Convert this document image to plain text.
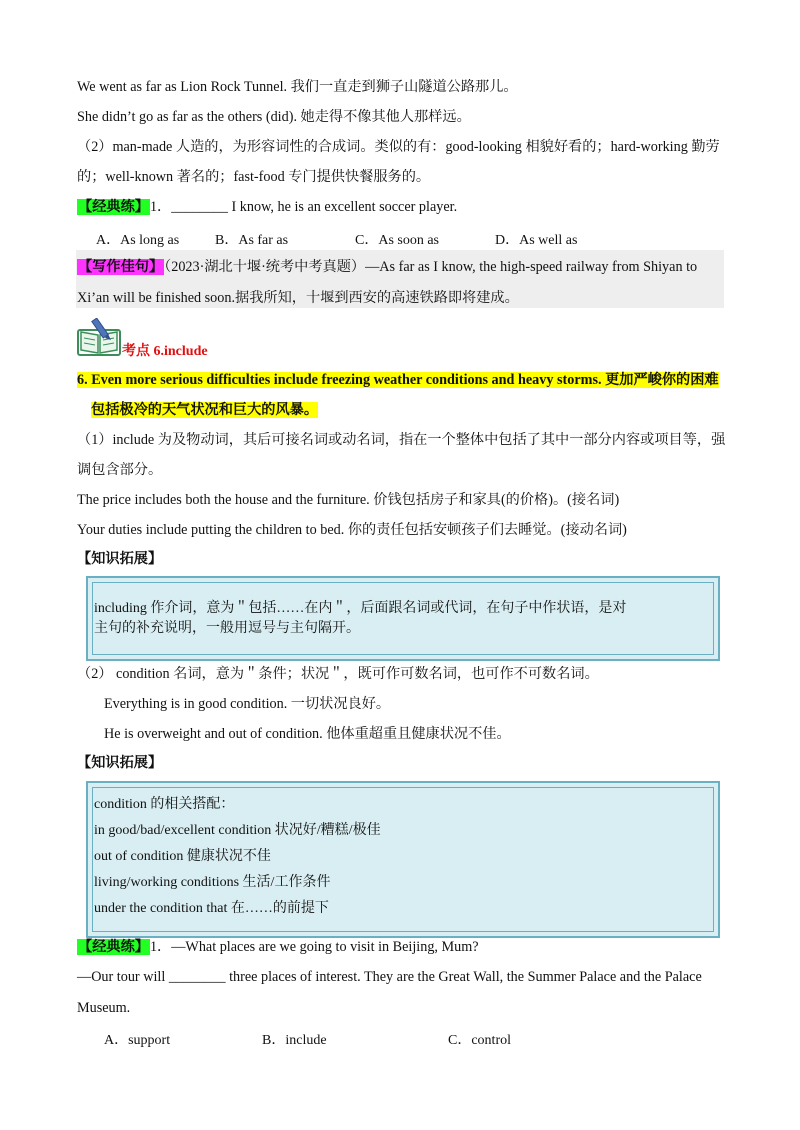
We went as far as Lion Rock Tunnel. 我们一直走到狮子山隧道公路那儿。
She didn’t go as far as the others (did). 她走得不像其他人那样远。
（2）man-made 人造的，为形容词性的合成词。类似的有：good-looking 相貌好看的；hard-working 勤劳
的；well-known 著名的；fast-food 专门提供快餐服务的。
【经典练】1．________ I know, he is an excellent soccer player.
A．As long as	B．As far as	C．As soon as	D．As well as
【写作佳句】（2023·湖北十堰·统考中考真题）—As far as I know, the high-speed railway from Shiyan to
Xi’an will be finished soon.据我所知，十堰到西安的高速铁路即将建成。
考点 6.include
6. Even more serious difficulties include freezing weather conditions and heavy storms. 更加严峻你的困难
包括极冷的天气状况和巨大的风暴。
（1）include 为及物动词，其后可接名词或动名词，指在一个整体中包括了其中一部分内容或项目等，强
调包含部分。
The price includes both the house and the furniture. 价钱包括房子和家具(的价格)。(接名词)
Your duties include putting the children to bed. 你的责任包括安顿孩子们去睡觉。(接动名词)
【知识拓展】
including 作介词，意为＂包括……在内＂，后面跟名词或代词，在句子中作状语，是对
主句的补充说明，一般用逗号与主句隔开。
（2） condition 名词，意为＂条件；状况＂，既可作可数名词，也可作不可数名词。
Everything is in good condition. 一切状况良好。
He is overweight and out of condition. 他体重超重且健康状况不佳。
【知识拓展】
condition 的相关搭配：
in good/bad/excellent condition 状况好/糟糕/极佳
out of condition 健康状况不佳
living/working conditions 生活/工作条件
under the condition that 在……的前提下
【经典练】1．—What places are we going to visit in Beijing, Mum?
—Our tour will ________ three places of interest. They are the Great Wall, the Summer Palace and the Palace
Museum.
A．support	B．include	C．control
